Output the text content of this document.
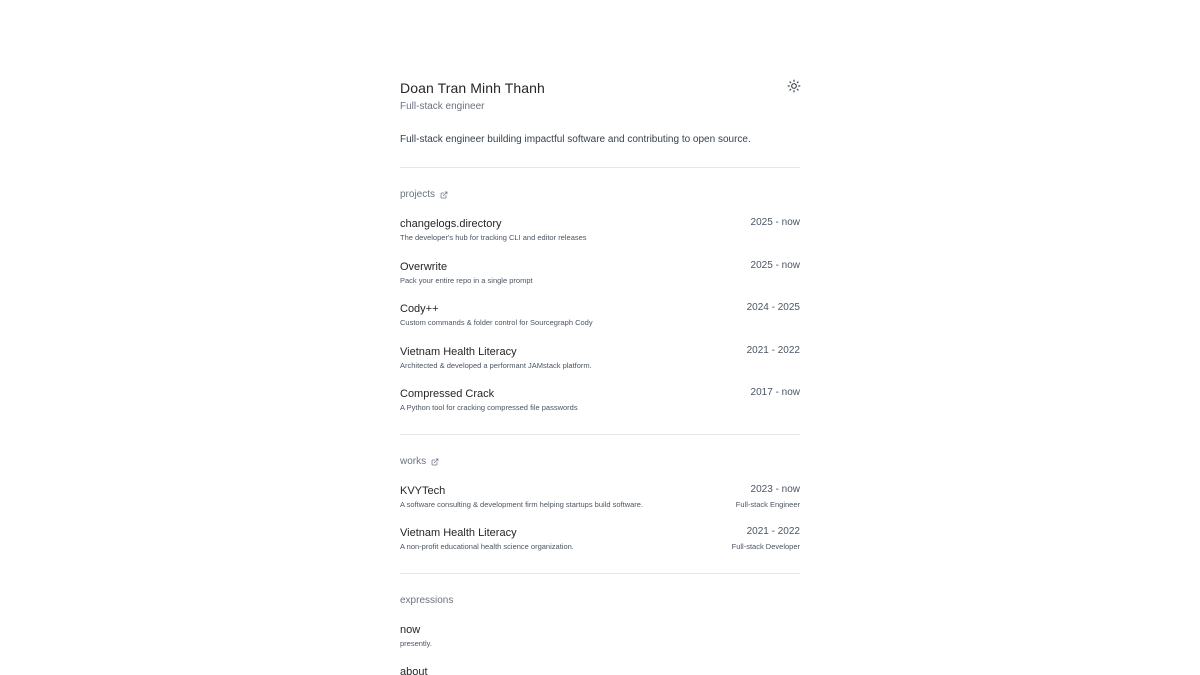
Doan Tran Minh Thanh
Full-stack engineer
Full-stack engineer building impactful software and contributing to open source.
projects
changelogs.directory
The developer's hub for tracking CLI and editor releases
2025 - now
Overwrite
Pack your entire repo in a single prompt
2025 - now
Cody++
Custom commands & folder control for Sourcegraph Cody
2024 - 2025
Vietnam Health Literacy
Architected & developed a performant JAMstack platform.
2021 - 2022
Compressed Crack
A Python tool for cracking compressed file passwords
2017 - now
works
KVYTech
A software consulting & development firm helping startups build software.
2023 - now
Full-stack Engineer
Vietnam Health Literacy
A non-profit educational health science organization.
2021 - 2022
Full-stack Developer
expressions
now
presently.
about
